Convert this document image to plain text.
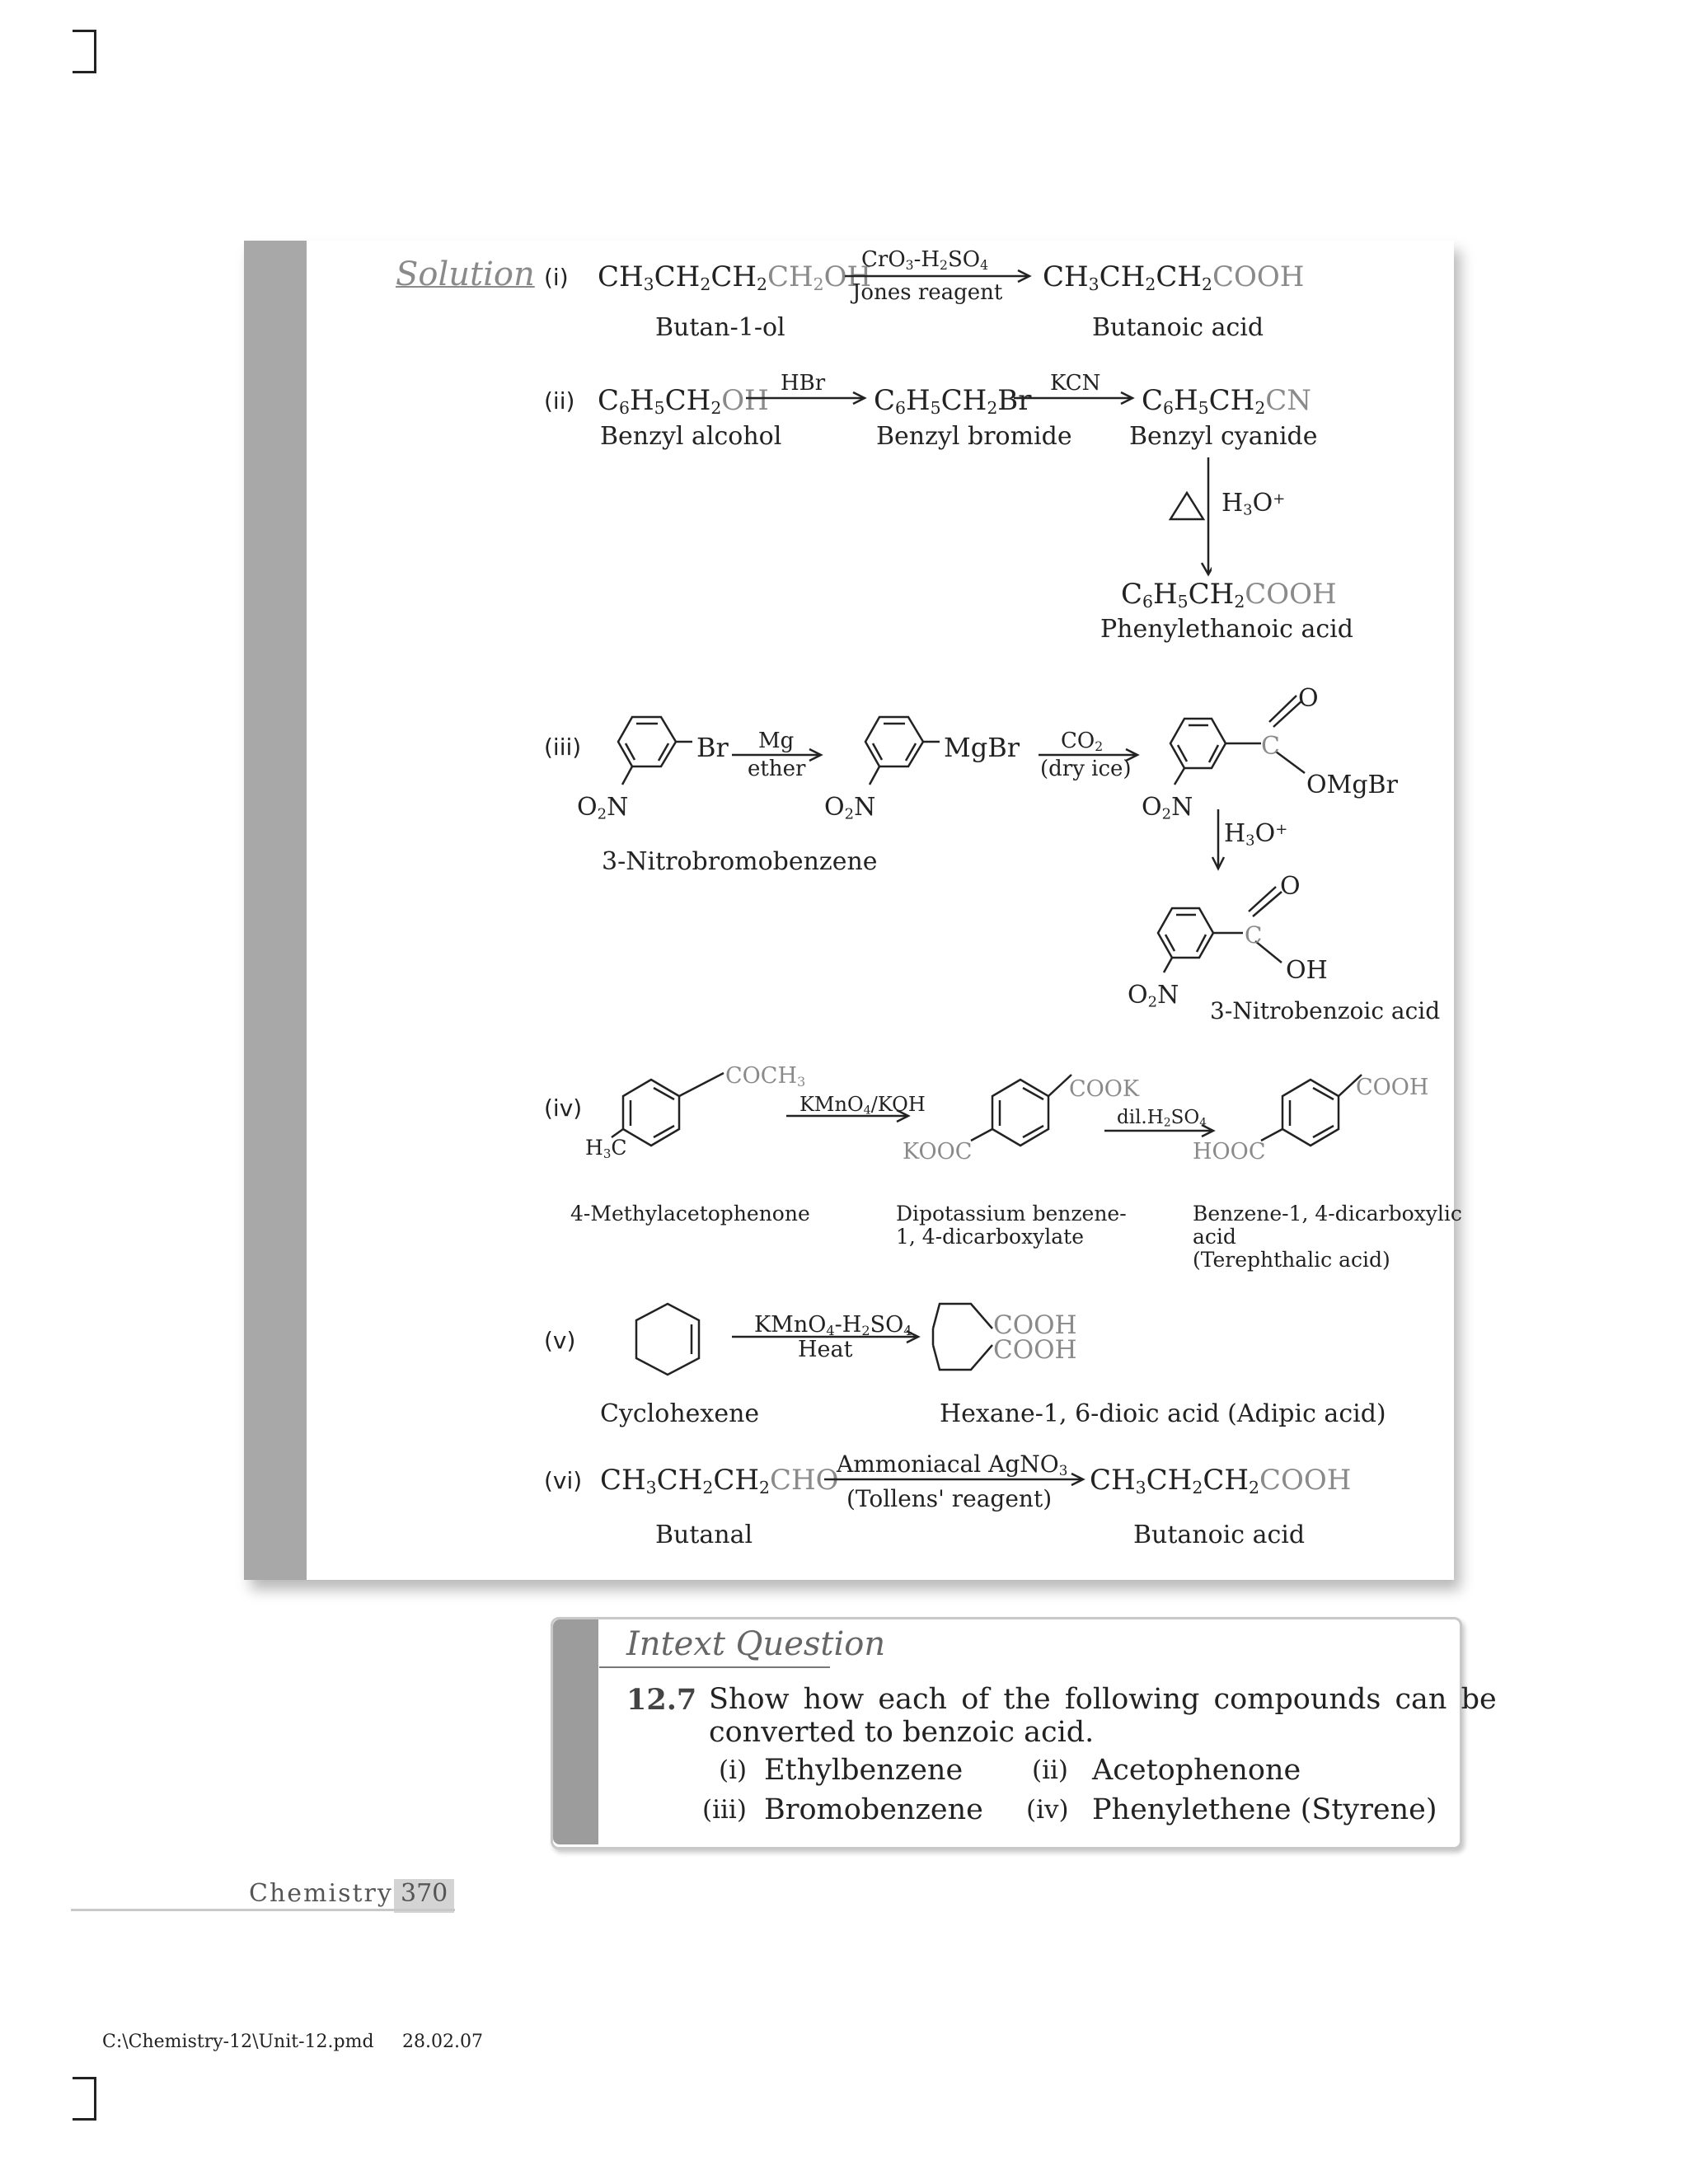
Solution (i) $CH_3CH_2CH_2CH_2OH$
$CrO_3-H_2SO_4$
Jones reagent $CH_3CH_2CH_2COOH$
Butan-1-ol	Butanoic acid
(ii) $C_6H_5CH_2OH$
HBr
$C_6H_5CH_2Br$
KCN
$C_6H_5CH_2CN$
Benzyl alcohol	Benzyl bromide Benzyl cyanide
$H_3O^+$
$C_6H_5CH_2COOH$
Phenylethanoic acid
(iii)	Br
$O_2N$
Mg
ether
MgBr
$O_2N$
$CO_2$
(dry ice)
C
O
OMgBr
$O_2N$
$H_3O^+$
3-Nitrobromobenzene
C
O
OH
$O_2N$
3-Nitrobenzoic acid
(iv)
$COCH_3$
$H_3C$
KMnO$_4$/KOH
COOK
KOOC
$dil.H_2SO_4$
COOH
HOOC
4-Methylacetophenone	Dipotassium benzene-
1, 4-dicarboxylate
Benzene-1, 4-dicarboxylic
acid
(Terephthalic acid)
(v)
$KMnO_4-H_2SO_4$
Heat
COOH
COOH
Cyclohexene	Hexane-1, 6-dioic acid (Adipic acid)
(vi) $CH_3CH_2CH_2CHO$
Ammoniacal AgNO$_3$
(Tollens' reagent)
$CH_3CH_2CH_2COOH$
Butanal	Butanoic acid
Intext Question
12.7 Show how each of the following compounds can be
converted to benzoic acid.
(i) Ethylbenzene	(ii) Acetophenone
(iii) Bromobenzene (iv) Phenylethene (Styrene)
Chemistry 370
C:\Chemistry-12\Unit-12.pmd 28.02.07
